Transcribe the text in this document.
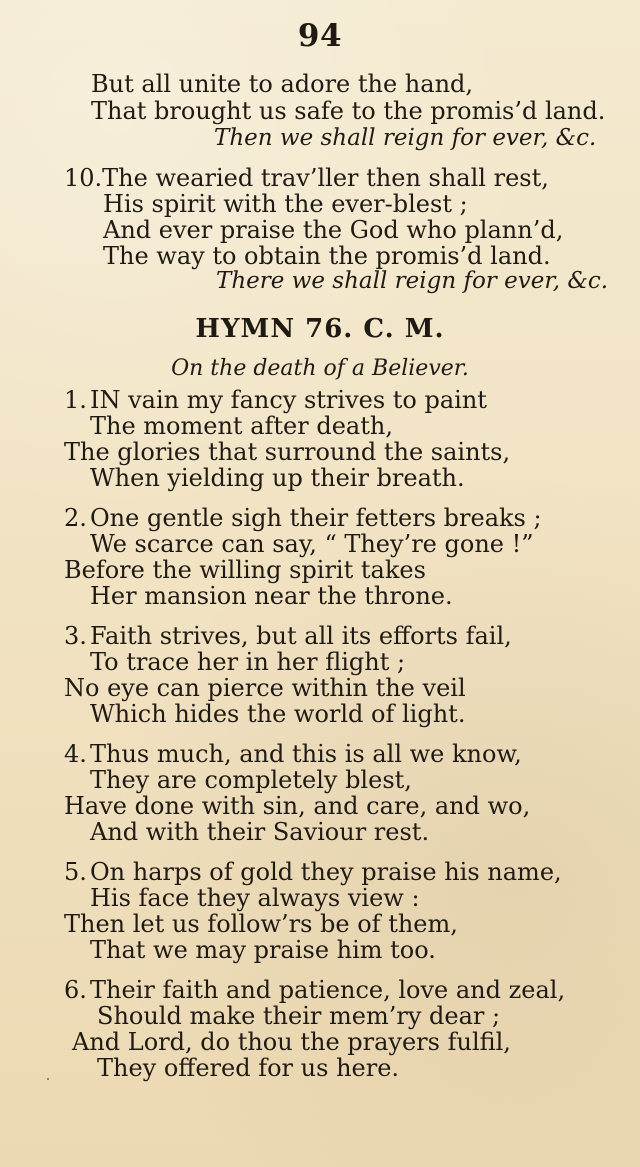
94
But all unite to adore the hand,
That brought us safe to the promis’d land.
Then we shall reign for ever, &c.
10.The wearied trav’ller then shall rest,
His spirit with the ever-blest ;
And ever praise the God who plann’d,
The way to obtain the promis’d land.
There we shall reign for ever, &c.
HYMN 76. C. M.
On the death of a Believer.
1. IN vain my fancy strives to paint
The moment after death,
The glories that surround the saints,
When yielding up their breath.
2. One gentle sigh their fetters breaks ;
We scarce can say, “ They’re gone !”
Before the willing spirit takes
Her mansion near the throne.
3. Faith strives, but all its efforts fail,
To trace her in her flight ;
No eye can pierce within the veil
Which hides the world of light.
4. Thus much, and this is all we know,
They are completely blest,
Have done with sin, and care, and wo,
And with their Saviour rest.
5. On harps of gold they praise his name,
His face they always view :
Then let us follow’rs be of them,
That we may praise him too.
6. Their faith and patience, love and zeal,
Should make their mem’ry dear ;
And Lord, do thou the prayers fulfil,
They offered for us here.
